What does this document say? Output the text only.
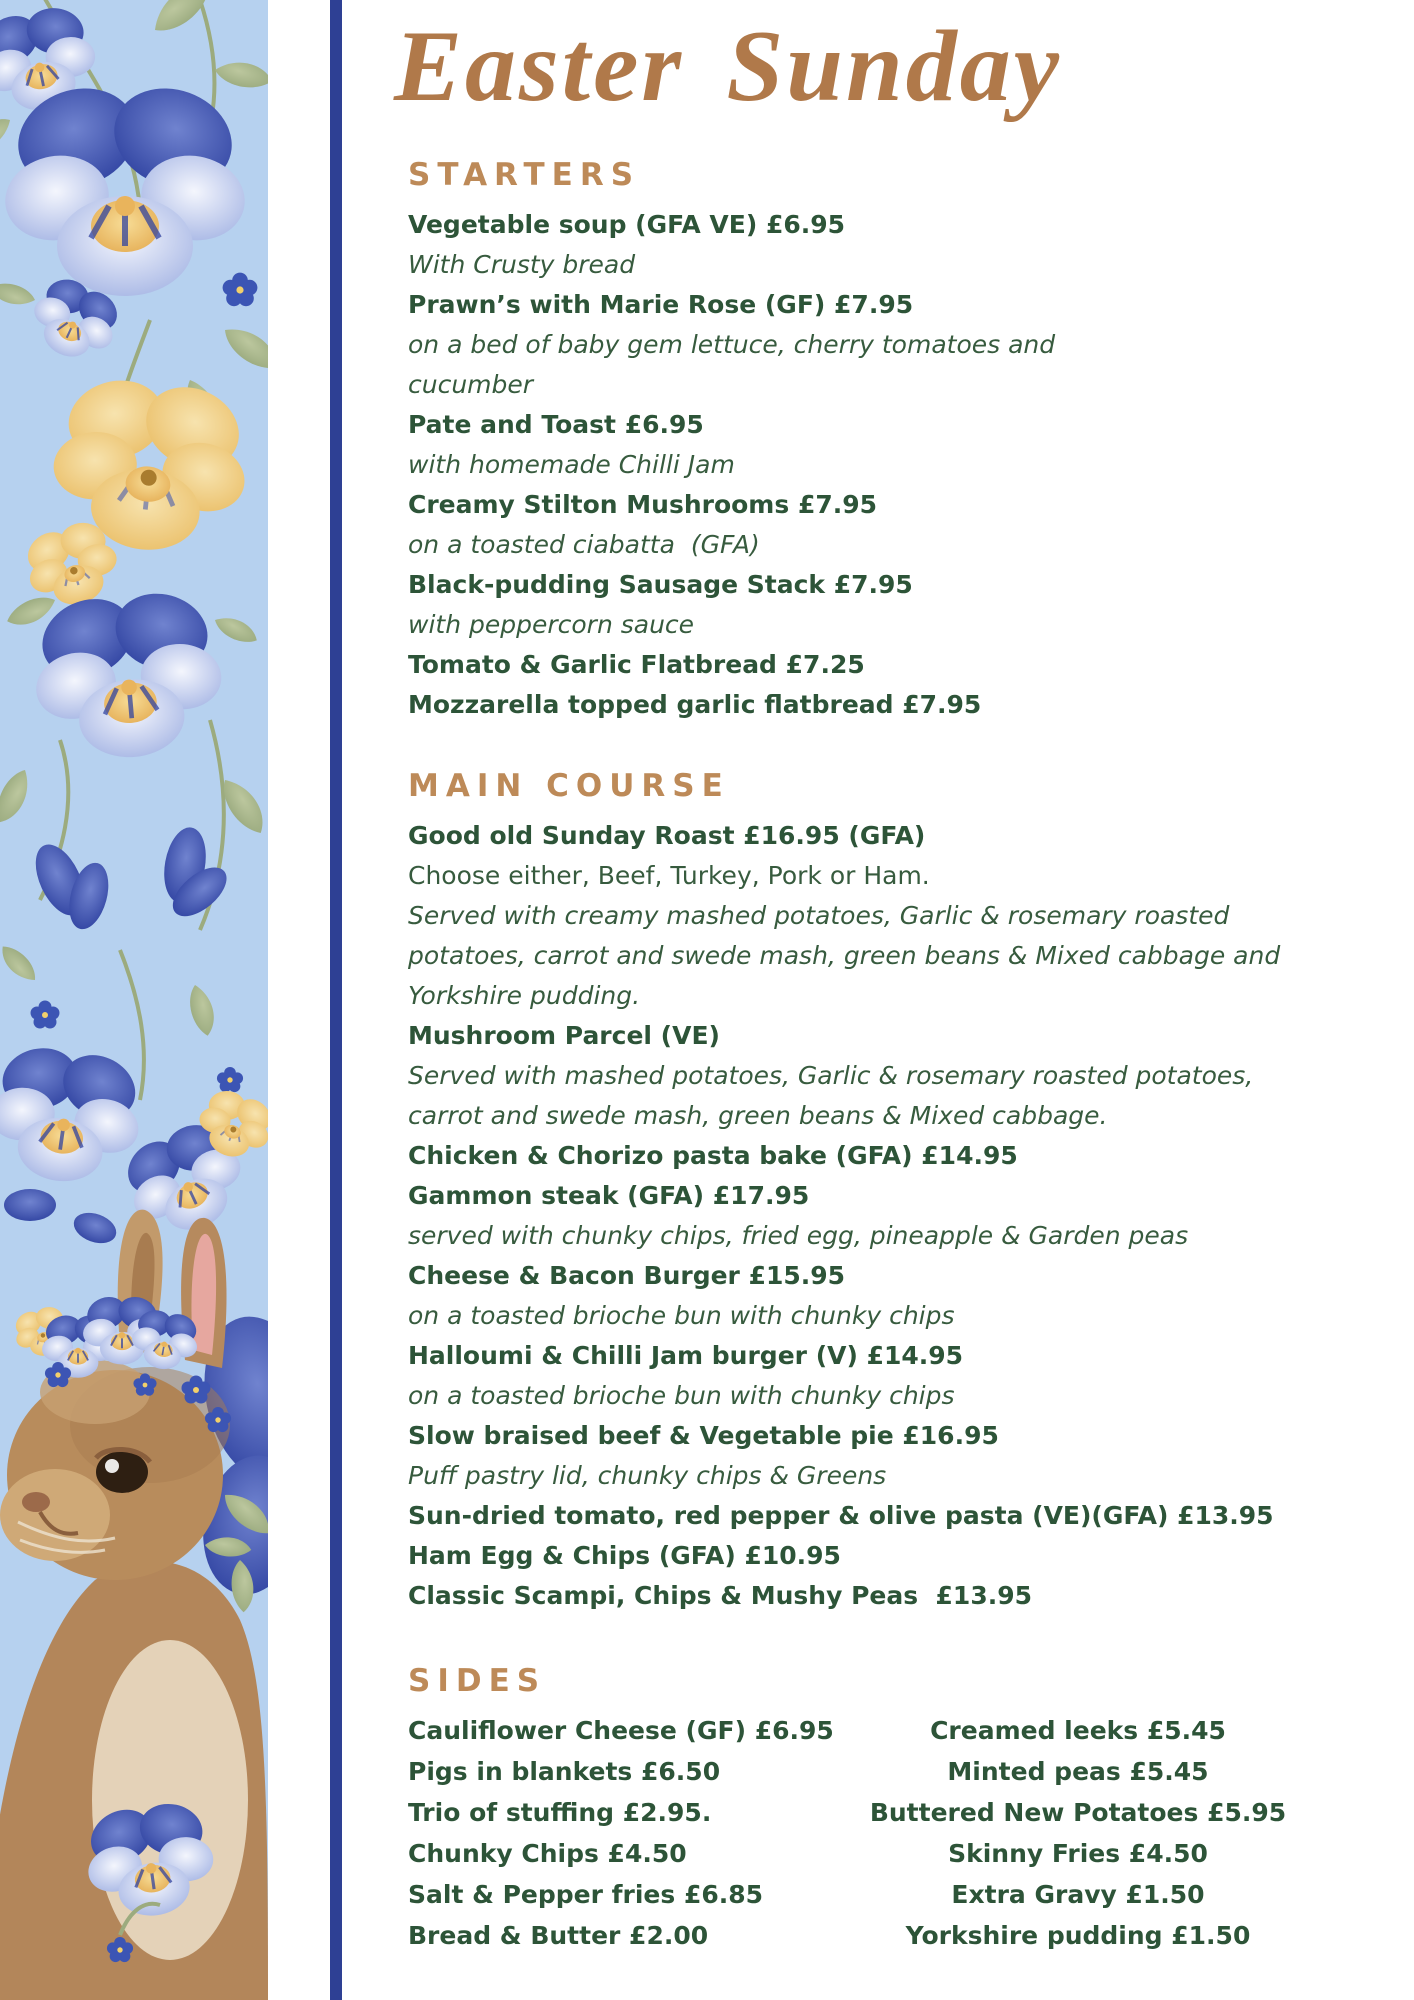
Easter Sunday
STARTERS

Vegetable soup (GFA VE) £6.95

With Crusty bread

Prawn’s with Marie Rose (GF) £7.95

on a bed of baby gem lettuce, cherry tomatoes and

cucumber

Pate and Toast £6.95

with homemade Chilli Jam

Creamy Stilton Mushrooms £7.95

on a toasted ciabatta  (GFA)

Black-pudding Sausage Stack £7.95

with peppercorn sauce

Tomato & Garlic Flatbread £7.25

Mozzarella topped garlic flatbread £7.95

MAIN COURSE

Good old Sunday Roast £16.95 (GFA)

Choose either, Beef, Turkey, Pork or Ham.

Served with creamy mashed potatoes, Garlic & rosemary roasted

potatoes, carrot and swede mash, green beans & Mixed cabbage and

Yorkshire pudding.

Mushroom Parcel (VE)

Served with mashed potatoes, Garlic & rosemary roasted potatoes,

carrot and swede mash, green beans & Mixed cabbage.

Chicken & Chorizo pasta bake (GFA) £14.95

Gammon steak (GFA) £17.95

served with chunky chips, fried egg, pineapple & Garden peas

Cheese & Bacon Burger £15.95

on a toasted brioche bun with chunky chips

Halloumi & Chilli Jam burger (V) £14.95

on a toasted brioche bun with chunky chips

Slow braised beef & Vegetable pie £16.95

Puff pastry lid, chunky chips & Greens

Sun-dried tomato, red pepper & olive pasta (VE)(GFA) £13.95

Ham Egg & Chips (GFA) £10.95

Classic Scampi, Chips & Mushy Peas  £13.95

SIDES

Cauliflower Cheese (GF) £6.95

Pigs in blankets £6.50

Trio of stuffing £2.95.

Chunky Chips £4.50

Salt & Pepper fries £6.85

Bread & Butter £2.00

Creamed leeks £5.45

Minted peas £5.45

Buttered New Potatoes £5.95

Skinny Fries £4.50

Extra Gravy £1.50

Yorkshire pudding £1.50
